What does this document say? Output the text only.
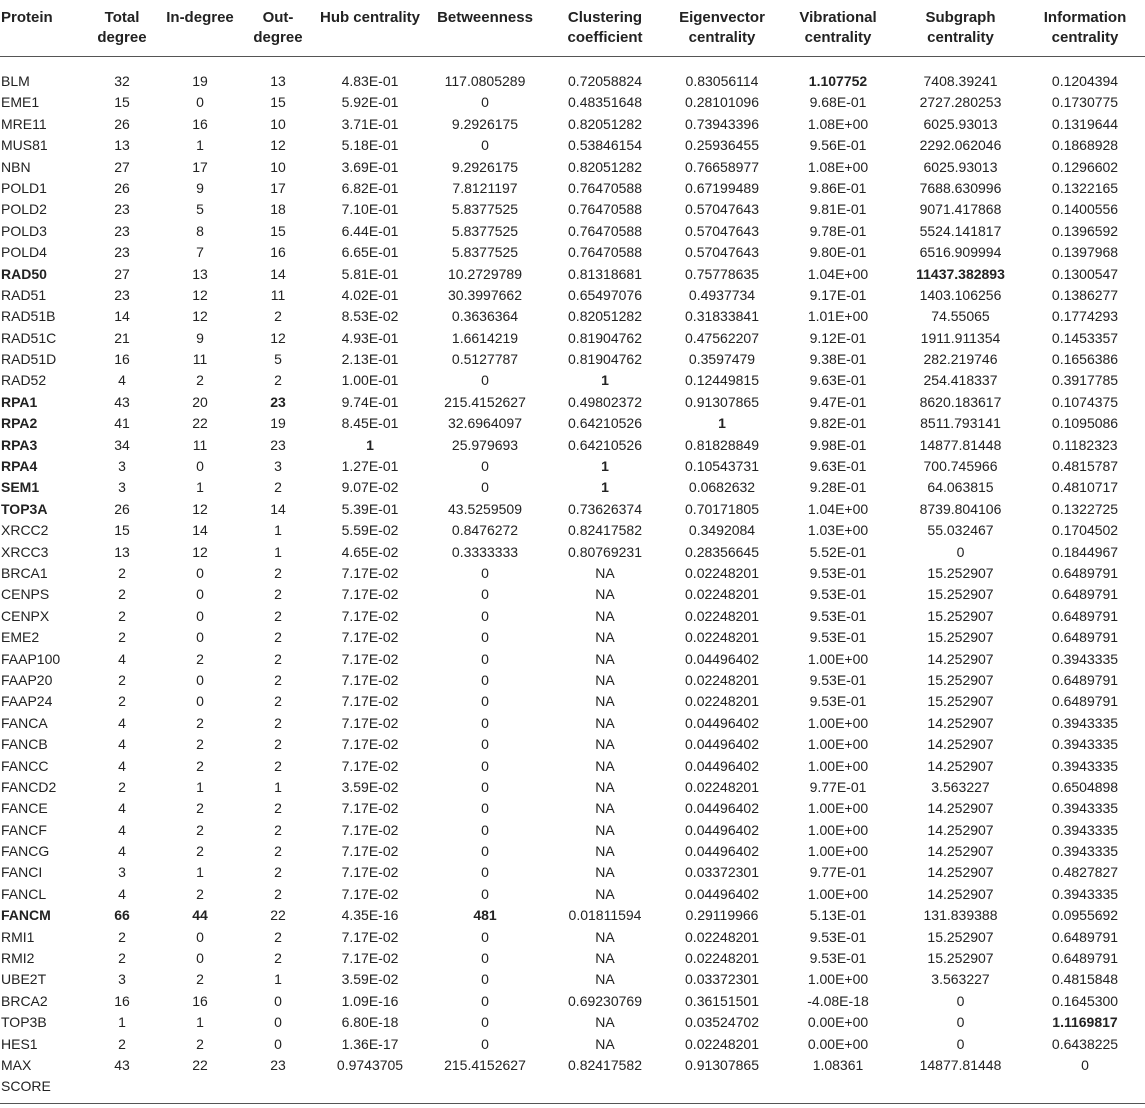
Protein	Total degree	In-degree	Out-degree	Hub centrality	Betweenness	Clustering coefficient	Eigenvector centrality	Vibrational centrality	Subgraph centrality	Information centrality
BLM	32	19	13	4.83E-01	117.0805289	0.72058824	0.83056114	1.107752	7408.39241	0.1204394
EME1	15	0	15	5.92E-01	0	0.48351648	0.28101096	9.68E-01	2727.280253	0.1730775
MRE11	26	16	10	3.71E-01	9.2926175	0.82051282	0.73943396	1.08E+00	6025.93013	0.1319644
MUS81	13	1	12	5.18E-01	0	0.53846154	0.25936455	9.56E-01	2292.062046	0.1868928
NBN	27	17	10	3.69E-01	9.2926175	0.82051282	0.76658977	1.08E+00	6025.93013	0.1296602
POLD1	26	9	17	6.82E-01	7.8121197	0.76470588	0.67199489	9.86E-01	7688.630996	0.1322165
POLD2	23	5	18	7.10E-01	5.8377525	0.76470588	0.57047643	9.81E-01	9071.417868	0.1400556
POLD3	23	8	15	6.44E-01	5.8377525	0.76470588	0.57047643	9.78E-01	5524.141817	0.1396592
POLD4	23	7	16	6.65E-01	5.8377525	0.76470588	0.57047643	9.80E-01	6516.909994	0.1397968
RAD50	27	13	14	5.81E-01	10.2729789	0.81318681	0.75778635	1.04E+00	11437.382893	0.1300547
RAD51	23	12	11	4.02E-01	30.3997662	0.65497076	0.4937734	9.17E-01	1403.106256	0.1386277
RAD51B	14	12	2	8.53E-02	0.3636364	0.82051282	0.31833841	1.01E+00	74.55065	0.1774293
RAD51C	21	9	12	4.93E-01	1.6614219	0.81904762	0.47562207	9.12E-01	1911.911354	0.1453357
RAD51D	16	11	5	2.13E-01	0.5127787	0.81904762	0.3597479	9.38E-01	282.219746	0.1656386
RAD52	4	2	2	1.00E-01	0	1	0.12449815	9.63E-01	254.418337	0.3917785
RPA1	43	20	23	9.74E-01	215.4152627	0.49802372	0.91307865	9.47E-01	8620.183617	0.1074375
RPA2	41	22	19	8.45E-01	32.6964097	0.64210526	1	9.82E-01	8511.793141	0.1095086
RPA3	34	11	23	1	25.979693	0.64210526	0.81828849	9.98E-01	14877.81448	0.1182323
RPA4	3	0	3	1.27E-01	0	1	0.10543731	9.63E-01	700.745966	0.4815787
SEM1	3	1	2	9.07E-02	0	1	0.0682632	9.28E-01	64.063815	0.4810717
TOP3A	26	12	14	5.39E-01	43.5259509	0.73626374	0.70171805	1.04E+00	8739.804106	0.1322725
XRCC2	15	14	1	5.59E-02	0.8476272	0.82417582	0.3492084	1.03E+00	55.032467	0.1704502
XRCC3	13	12	1	4.65E-02	0.3333333	0.80769231	0.28356645	5.52E-01	0	0.1844967
BRCA1	2	0	2	7.17E-02	0	NA	0.02248201	9.53E-01	15.252907	0.6489791
CENPS	2	0	2	7.17E-02	0	NA	0.02248201	9.53E-01	15.252907	0.6489791
CENPX	2	0	2	7.17E-02	0	NA	0.02248201	9.53E-01	15.252907	0.6489791
EME2	2	0	2	7.17E-02	0	NA	0.02248201	9.53E-01	15.252907	0.6489791
FAAP100	4	2	2	7.17E-02	0	NA	0.04496402	1.00E+00	14.252907	0.3943335
FAAP20	2	0	2	7.17E-02	0	NA	0.02248201	9.53E-01	15.252907	0.6489791
FAAP24	2	0	2	7.17E-02	0	NA	0.02248201	9.53E-01	15.252907	0.6489791
FANCA	4	2	2	7.17E-02	0	NA	0.04496402	1.00E+00	14.252907	0.3943335
FANCB	4	2	2	7.17E-02	0	NA	0.04496402	1.00E+00	14.252907	0.3943335
FANCC	4	2	2	7.17E-02	0	NA	0.04496402	1.00E+00	14.252907	0.3943335
FANCD2	2	1	1	3.59E-02	0	NA	0.02248201	9.77E-01	3.563227	0.6504898
FANCE	4	2	2	7.17E-02	0	NA	0.04496402	1.00E+00	14.252907	0.3943335
FANCF	4	2	2	7.17E-02	0	NA	0.04496402	1.00E+00	14.252907	0.3943335
FANCG	4	2	2	7.17E-02	0	NA	0.04496402	1.00E+00	14.252907	0.3943335
FANCI	3	1	2	7.17E-02	0	NA	0.03372301	9.77E-01	14.252907	0.4827827
FANCL	4	2	2	7.17E-02	0	NA	0.04496402	1.00E+00	14.252907	0.3943335
FANCM	66	44	22	4.35E-16	481	0.01811594	0.29119966	5.13E-01	131.839388	0.0955692
RMI1	2	0	2	7.17E-02	0	NA	0.02248201	9.53E-01	15.252907	0.6489791
RMI2	2	0	2	7.17E-02	0	NA	0.02248201	9.53E-01	15.252907	0.6489791
UBE2T	3	2	1	3.59E-02	0	NA	0.03372301	1.00E+00	3.563227	0.4815848
BRCA2	16	16	0	1.09E-16	0	0.69230769	0.36151501	-4.08E-18	0	0.1645300
TOP3B	1	1	0	6.80E-18	0	NA	0.03524702	0.00E+00	0	1.1169817
HES1	2	2	0	1.36E-17	0	NA	0.02248201	0.00E+00	0	0.6438225
MAX SCORE	43	22	23	0.9743705	215.4152627	0.82417582	0.91307865	1.08361	14877.81448	0
